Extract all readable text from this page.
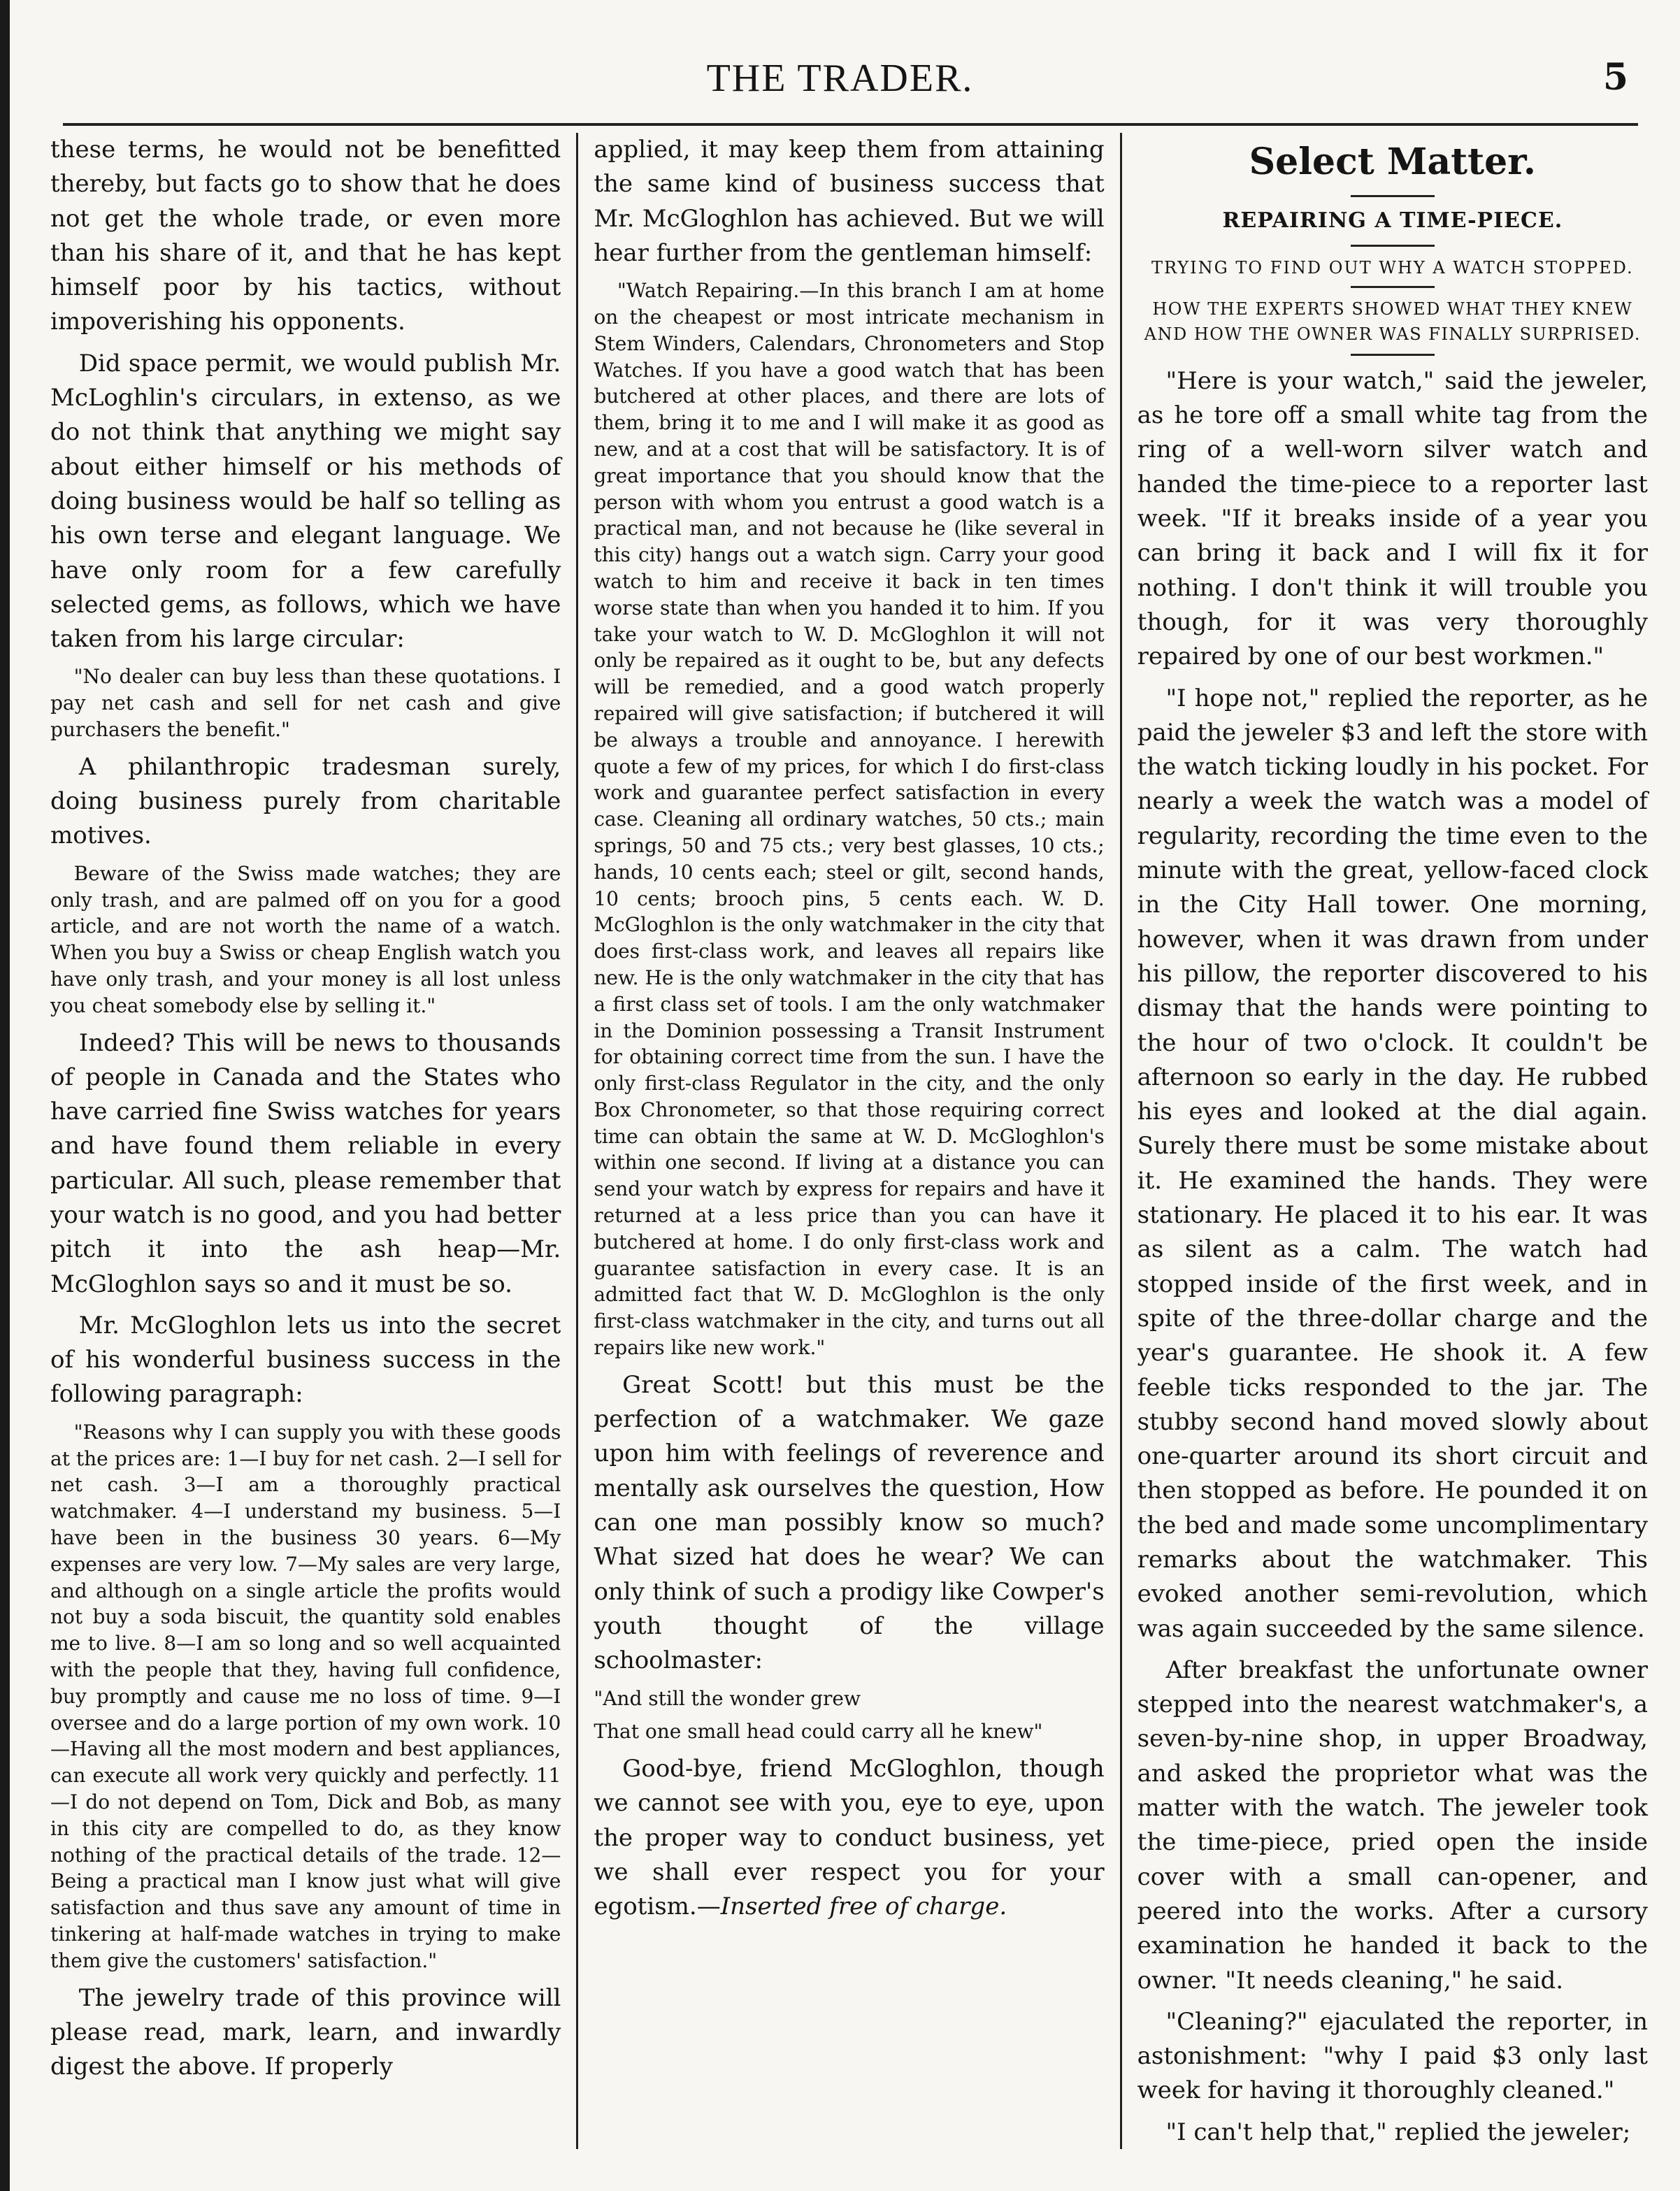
THE TRADER.	5

these terms, he would not be benefitted thereby, but facts go to show that he does not get the whole trade, or even more than his share of it, and that he has kept himself poor by his tactics, without impoverishing his opponents.

Did space permit, we would publish Mr. McLoghlin's circulars, in extenso, as we do not think that anything we might say about either himself or his methods of doing business would be half so telling as his own terse and elegant language. We have only room for a few carefully selected gems, as follows, which we have taken from his large circular:

"No dealer can buy less than these quotations. I pay net cash and sell for net cash and give purchasers the benefit."

A philanthropic tradesman surely, doing business purely from charitable motives.

Beware of the Swiss made watches; they are only trash, and are palmed off on you for a good article, and are not worth the name of a watch. When you buy a Swiss or cheap English watch you have only trash, and your money is all lost unless you cheat somebody else by selling it."

Indeed? This will be news to thousands of people in Canada and the States who have carried fine Swiss watches for years and have found them reliable in every particular. All such, please remember that your watch is no good, and you had better pitch it into the ash heap—Mr. McGloghlon says so and it must be so.

Mr. McGloghlon lets us into the secret of his wonderful business success in the following paragraph:

"Reasons why I can supply you with these goods at the prices are: 1—I buy for net cash. 2—I sell for net cash. 3—I am a thoroughly practical watchmaker. 4—I understand my business. 5—I have been in the business 30 years. 6—My expenses are very low. 7—My sales are very large, and although on a single article the profits would not buy a soda biscuit, the quantity sold enables me to live. 8—I am so long and so well acquainted with the people that they, having full confidence, buy promptly and cause me no loss of time. 9—I oversee and do a large portion of my own work. 10—Having all the most modern and best appliances, can execute all work very quickly and perfectly. 11—I do not depend on Tom, Dick and Bob, as many in this city are compelled to do, as they know nothing of the practical details of the trade. 12—Being a practical man I know just what will give satisfaction and thus save any amount of time in tinkering at half-made watches in trying to make them give the customers' satisfaction."

The jewelry trade of this province will please read, mark, learn, and inwardly digest the above. If properly

applied, it may keep them from attaining the same kind of business success that Mr. McGloghlon has achieved. But we will hear further from the gentleman himself:

"Watch Repairing.—In this branch I am at home on the cheapest or most intricate mechanism in Stem Winders, Calendars, Chronometers and Stop Watches. If you have a good watch that has been butchered at other places, and there are lots of them, bring it to me and I will make it as good as new, and at a cost that will be satisfactory. It is of great importance that you should know that the person with whom you entrust a good watch is a practical man, and not because he (like several in this city) hangs out a watch sign. Carry your good watch to him and receive it back in ten times worse state than when you handed it to him. If you take your watch to W. D. McGloghlon it will not only be repaired as it ought to be, but any defects will be remedied, and a good watch properly repaired will give satisfaction; if butchered it will be always a trouble and annoyance. I herewith quote a few of my prices, for which I do first-class work and guarantee perfect satisfaction in every case. Cleaning all ordinary watches, 50 cts.; main springs, 50 and 75 cts.; very best glasses, 10 cts.; hands, 10 cents each; steel or gilt, second hands, 10 cents; brooch pins, 5 cents each. W. D. McGloghlon is the only watchmaker in the city that does first-class work, and leaves all repairs like new. He is the only watchmaker in the city that has a first class set of tools. I am the only watchmaker in the Dominion possessing a Transit Instrument for obtaining correct time from the sun. I have the only first-class Regulator in the city, and the only Box Chronometer, so that those requiring correct time can obtain the same at W. D. McGloghlon's within one second. If living at a distance you can send your watch by express for repairs and have it returned at a less price than you can have it butchered at home. I do only first-class work and guarantee satisfaction in every case. It is an admitted fact that W. D. McGloghlon is the only first-class watchmaker in the city, and turns out all repairs like new work."

Great Scott! but this must be the perfection of a watchmaker. We gaze upon him with feelings of reverence and mentally ask ourselves the question, How can one man possibly know so much? What sized hat does he wear? We can only think of such a prodigy like Cowper's youth thought of the village schoolmaster:

"And still the wonder grew

That one small head could carry all he knew"

Good-bye, friend McGloghlon, though we cannot see with you, eye to eye, upon the proper way to conduct business, yet we shall ever respect you for your egotism.—Inserted free of charge.

Select Matter.
REPAIRING A TIME-PIECE.
TRYING TO FIND OUT WHY A WATCH STOPPED.
HOW THE EXPERTS SHOWED WHAT THEY KNEW AND HOW THE OWNER WAS FINALLY SURPRISED.

"Here is your watch," said the jeweler, as he tore off a small white tag from the ring of a well-worn silver watch and handed the time-piece to a reporter last week. "If it breaks inside of a year you can bring it back and I will fix it for nothing. I don't think it will trouble you though, for it was very thoroughly repaired by one of our best workmen."

"I hope not," replied the reporter, as he paid the jeweler $3 and left the store with the watch ticking loudly in his pocket. For nearly a week the watch was a model of regularity, recording the time even to the minute with the great, yellow-faced clock in the City Hall tower. One morning, however, when it was drawn from under his pillow, the reporter discovered to his dismay that the hands were pointing to the hour of two o'clock. It couldn't be afternoon so early in the day. He rubbed his eyes and looked at the dial again. Surely there must be some mistake about it. He examined the hands. They were stationary. He placed it to his ear. It was as silent as a calm. The watch had stopped inside of the first week, and in spite of the three-dollar charge and the year's guarantee. He shook it. A few feeble ticks responded to the jar. The stubby second hand moved slowly about one-quarter around its short circuit and then stopped as before. He pounded it on the bed and made some uncomplimentary remarks about the watchmaker. This evoked another semi-revolution, which was again succeeded by the same silence.

After breakfast the unfortunate owner stepped into the nearest watchmaker's, a seven-by-nine shop, in upper Broadway, and asked the proprietor what was the matter with the watch. The jeweler took the time-piece, pried open the inside cover with a small can-opener, and peered into the works. After a cursory examination he handed it back to the owner. "It needs cleaning," he said.

"Cleaning?" ejaculated the reporter, in astonishment: "why I paid $3 only last week for having it thoroughly cleaned."

"I can't help that," replied the jeweler;
